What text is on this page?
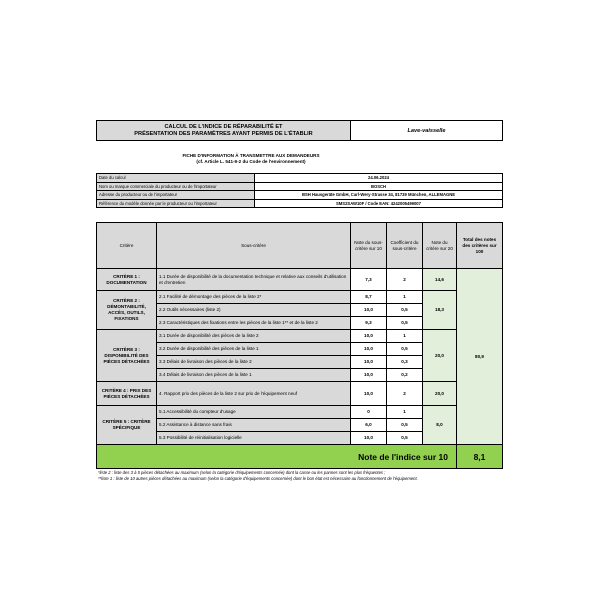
CALCUL DE L'INDICE DE RÉPARABILITÉ ET
PRÉSENTATION DES PARAMÈTRES AYANT PERMIS DE L'ÉTABLIR	Lave-vaisselle
FICHE D'INFORMATION À TRANSMETTRE AUX DEMANDEURS
(cf. Article L. 541-9-2 du Code de l'environnement)
Date du calcul	24.06.2024
Nom ou marque commerciale du producteur ou de l'importateur	BOSCH
Adresse du producteur ou de l'importateur	BSH Hausgeräte GmbH, Carl-Wery-Strasse 34, 81739 München, ALLEMAGNE
Référence du modèle donnée par le producteur ou l'importateur	SMS2SAW10F / Code EAN: 4242005499007
Critère	Sous-critère	Note du sous-critère sur 10	Coefficient du sous-critère	Note du critère sur 20	Total des notes des critères sur 100
CRITÈRE 1 : DOCUMENTATION	1.1 Durée de disponibilité de la documentation technique et relative aux conseils d'utilisation et d'entretien	7,3	2	14,6	80,9
CRITÈRE 2 : DÉMONTABILITÉ, ACCÈS, OUTILS, FIXATIONS	2.1 Facilité de démontage des pièces de la liste 2*	8,7	1	18,3	
	2.2 Outils nécessaires (liste 2)	10,0	0,5		
	2.3 Caractéristiques des fixations entre les pièces de la liste 1** et de la liste 2	9,3	0,5		
CRITÈRE 3 : DISPONIBILITÉ DES PIÈCES DÉTACHÉES	3.1 Durée de disponibilité des pièces de la liste 2	10,0	1	20,0	
	3.2 Durée de disponibilité des pièces de la liste 1	10,0	0,5		
	3.3 Délais de livraison des pièces de la liste 2	10,0	0,3		
	3.4 Délais de livraison des pièces de la liste 1	10,0	0,2		
CRITÈRE 4 : PRIX DES PIÈCES DÉTACHÉES	4. Rapport prix des pièces de la liste 2 sur prix de l'équipement neuf	10,0	2	20,0	
CRITÈRE 5 : CRITÈRE SPÉCIFIQUE	5.1 Accessibilité du compteur d'usage	0	1	8,0	
	5.2 Assistance à distance sans frais	6,0	0,5		
	5.3 Possibilité de réinitialisation logicielle	10,0	0,5		
Note de l'indice sur 10					8,1
*liste 2 : liste des 3 à 5 pièces détachées au maximum (selon la catégorie d'équipements concernée) dont la casse ou les pannes sont les plus fréquentes ;
**liste 1 : liste de 10 autres pièces détachées au maximum (selon la catégorie d'équipements concernée) dont le bon état est nécessaire au fonctionnement de l'équipement.
